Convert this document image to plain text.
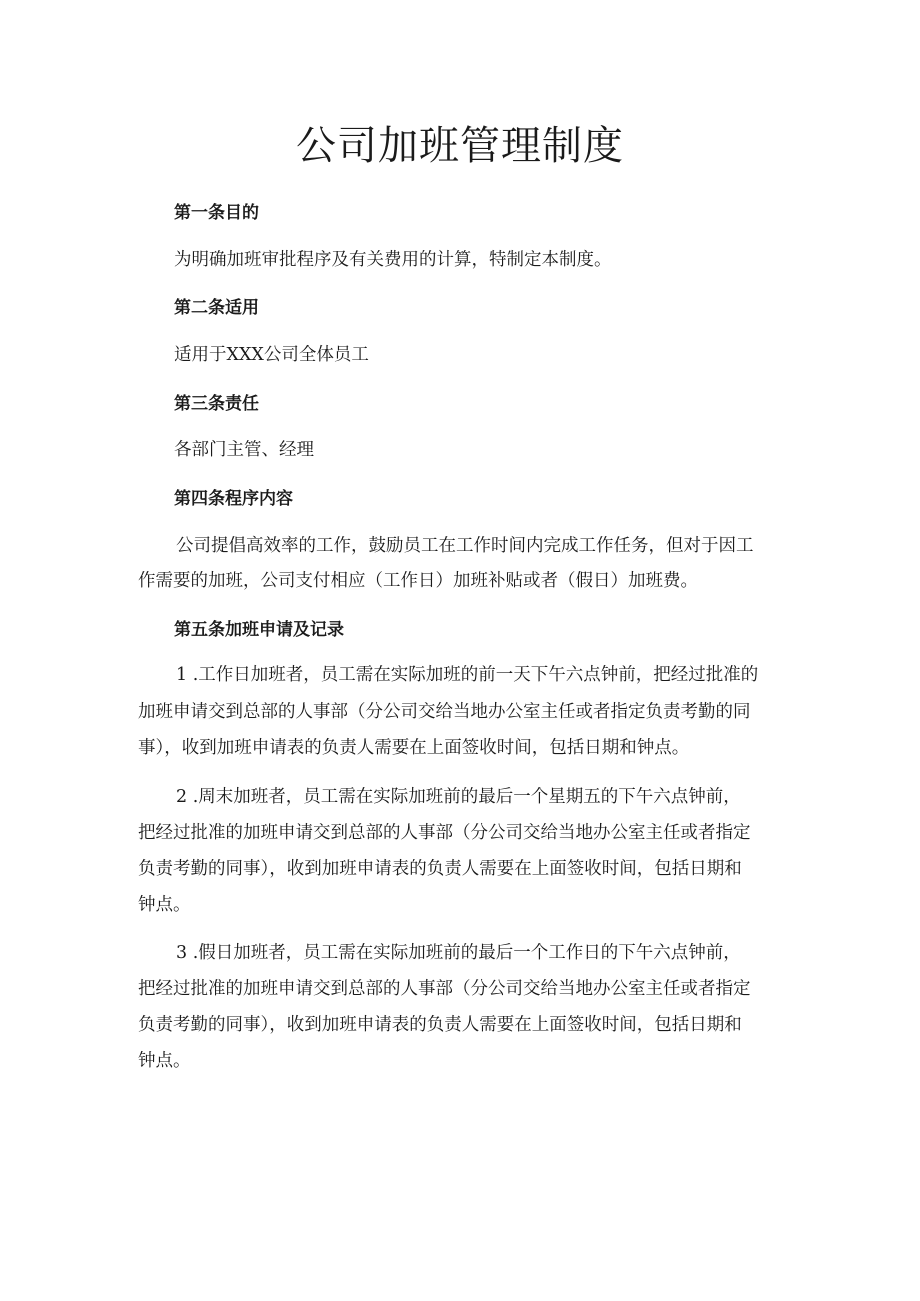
公司加班管理制度
第一条目的

为明确加班审批程序及有关费用的计算，特制定本制度。

第二条适用

适用于XXX公司全体员工

第三条责任

各部门主管、经理

第四条程序内容

公司提倡高效率的工作，鼓励员工在工作时间内完成工作任务，但对于因工

作需要的加班，公司支付相应（工作日）加班补贴或者（假日）加班费。

第五条加班申请及记录

1 .工作日加班者，员工需在实际加班的前一天下午六点钟前，把经过批准的

加班申请交到总部的人事部（分公司交给当地办公室主任或者指定负责考勤的同

事），收到加班申请表的负责人需要在上面签收时间，包括日期和钟点。

2 .周末加班者，员工需在实际加班前的最后一个星期五的下午六点钟前，

把经过批准的加班申请交到总部的人事部（分公司交给当地办公室主任或者指定

负责考勤的同事），收到加班申请表的负责人需要在上面签收时间，包括日期和

钟点。

3 .假日加班者，员工需在实际加班前的最后一个工作日的下午六点钟前，

把经过批准的加班申请交到总部的人事部（分公司交给当地办公室主任或者指定

负责考勤的同事），收到加班申请表的负责人需要在上面签收时间，包括日期和

钟点。
